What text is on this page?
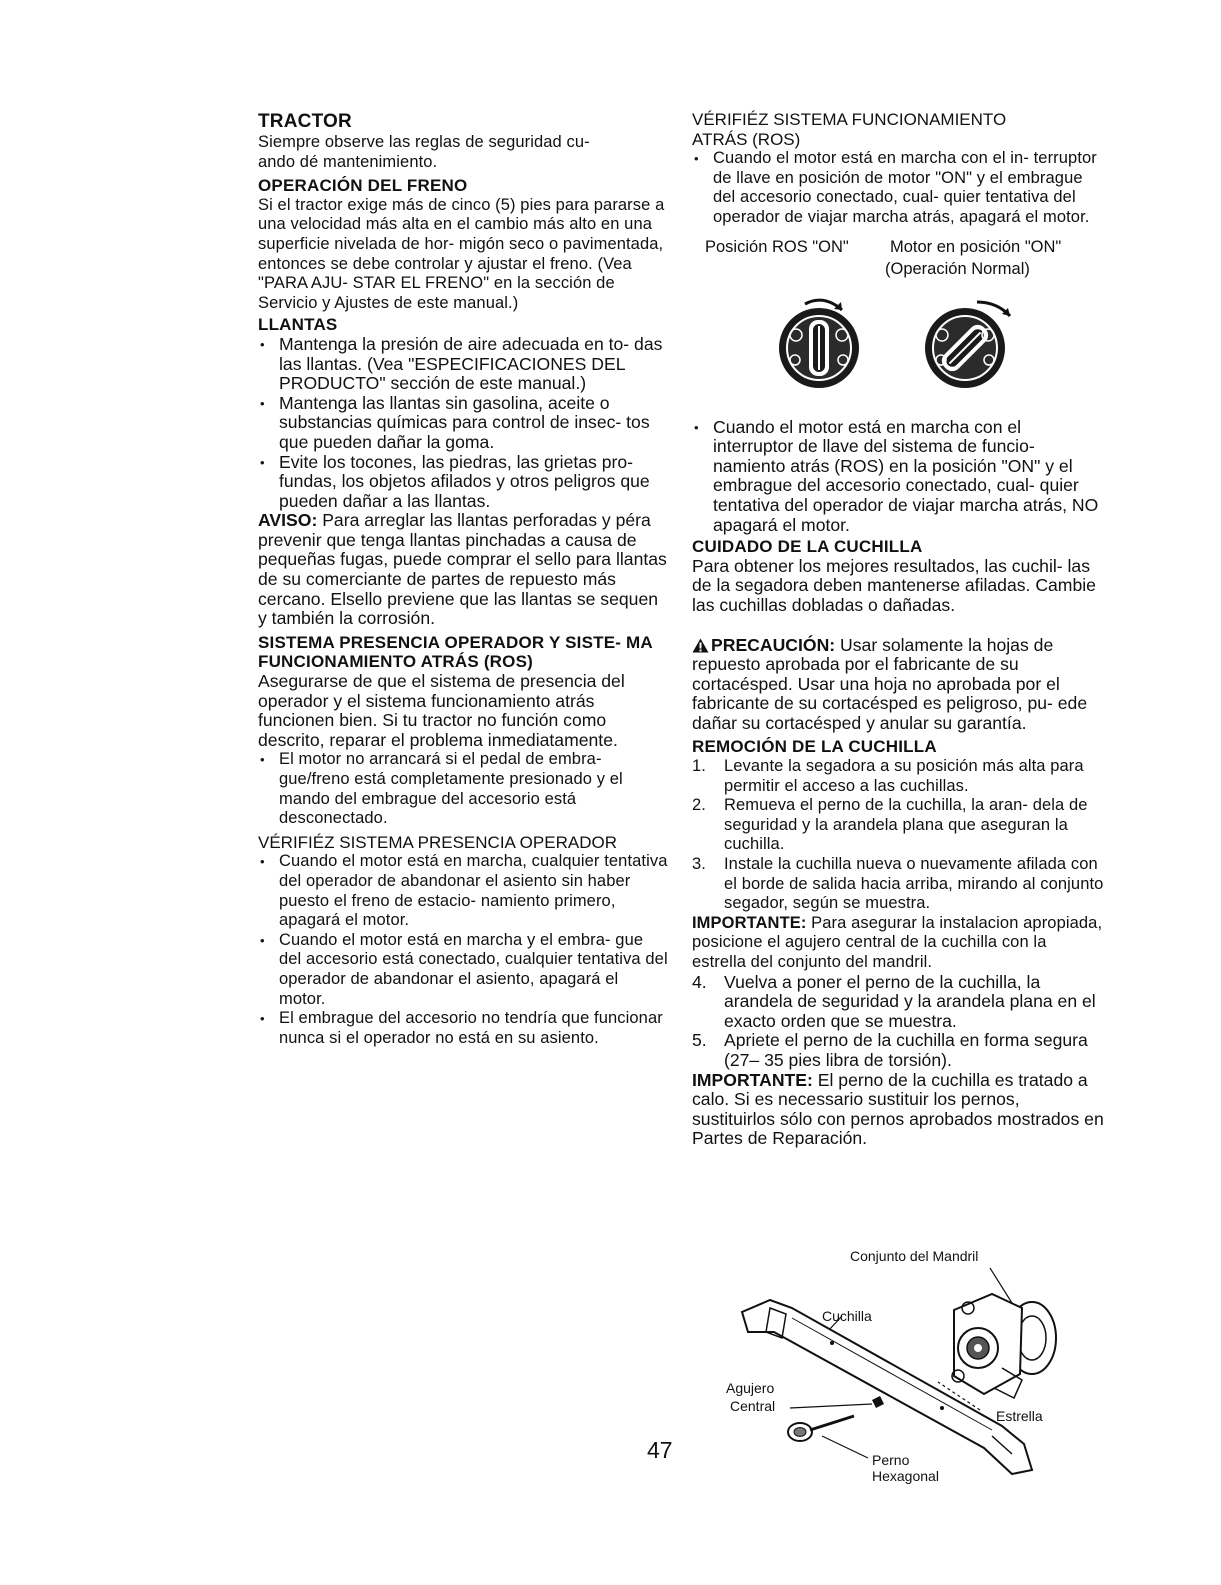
TRACTOR

Siempre observe las reglas de seguridad cu- ando dé mantenimiento.

OPERACIÓN DEL FRENO

Si el tractor exige más de cinco (5) pies para pararse a una velocidad más alta en el cambio más alto en una superficie nivelada de hor- migón seco o pavimentada, entonces se debe controlar y ajustar el freno. (Vea "PARA AJU- STAR EL FRENO" en la sección de Servicio y Ajustes de este manual.)

LLANTAS
• Mantenga la presión de aire adecuada en to- das las llantas. (Vea "ESPECIFICACIONES DEL PRODUCTO" sección de este manual.)
• Mantenga las llantas sin gasolina, aceite o substancias químicas para control de insec- tos que pueden dañar la goma.
• Evite los tocones, las piedras, las grietas pro- fundas, los objetos afilados y otros peligros que pueden dañar a las llantas.

AVISO: Para arreglar las llantas perforadas y péra prevenir que tenga llantas pinchadas a causa de pequeñas fugas, puede comprar el sello para llantas de su comerciante de partes de repuesto más cercano. Elsello previene que las llantas se sequen y también la corrosión.

SISTEMA PRESENCIA OPERADOR Y SISTE- MA FUNCIONAMIENTO ATRÁS (ROS)

Asegurarse de que el sistema de presencia del operador y el sistema funcionamiento atrás funcionen bien. Si tu tractor no función como descrito, reparar el problema inmediatamente.

• El motor no arrancará si el pedal de embra- gue/freno está completamente presionado y el mando del embrague del accesorio está desconectado.
VÉRIFIÉZ SISTEMA PRESENCIA OPERADOR
• Cuando el motor está en marcha, cualquier tentativa del operador de abandonar el asiento sin haber puesto el freno de estacio- namiento primero, apagará el motor.
• Cuando el motor está en marcha y el embra- gue del accesorio está conectado, cualquier tentativa del operador de abandonar el asiento, apagará el motor.
• El embrague del accesorio no tendría que funcionar nunca si el operador no está en su asiento.
VÉRIFIÉZ SISTEMA FUNCIONAMIENTO ATRÁS (ROS)
• Cuando el motor está en marcha con el in- terruptor de llave en posición de motor "ON" y el embrague del accesorio conectado, cual- quier tentativa del operador de viajar marcha atrás, apagará el motor.
Posición ROS "ON" Motor en posición "ON"
(Operación Normal)
• Cuando el motor está en marcha con el interruptor de llave del sistema de funcio- namiento atrás (ROS) en la posición "ON" y el embrague del accesorio conectado, cual- quier tentativa del operador de viajar marcha atrás, NO apagará el motor.
CUIDADO DE LA CUCHILLA

Para obtener los mejores resultados, las cuchil- las de la segadora deben mantenerse afiladas. Cambie las cuchillas dobladas o dañadas.

PRECAUCIÓN: Usar solamente la hojas de repuesto aprobada por el fabricante de su cortacésped. Usar una hoja no aprobada por el fabricante de su cortacésped es peligroso, pu- ede dañar su cortacésped y anular su garantía.

REMOCIÓN DE LA CUCHILLA
1. Levante la segadora a su posición más alta para permitir el acceso a las cuchillas.
2. Remueva el perno de la cuchilla, la aran- dela de seguridad y la arandela plana que aseguran la cuchilla.
3. Instale la cuchilla nueva o nuevamente afilada con el borde de salida hacia arriba, mirando al conjunto segador, según se muestra.

IMPORTANTE: Para asegurar la instalacion apropiada, posicione el agujero central de la cuchilla con la estrella del conjunto del mandril.

4. Vuelva a poner el perno de la cuchilla, la arandela de seguridad y la arandela plana en el exacto orden que se muestra.
5. Apriete el perno de la cuchilla en forma segura (27– 35 pies libra de torsión).

IMPORTANTE: El perno de la cuchilla es tratado a calo. Si es necessario sustituir los pernos, sustituirlos sólo con pernos aprobados mostrados en Partes de Reparación.

Conjunto del Mandril
Cuchilla
Agujero
Central
Estrella
Perno
Hexagonal
47
